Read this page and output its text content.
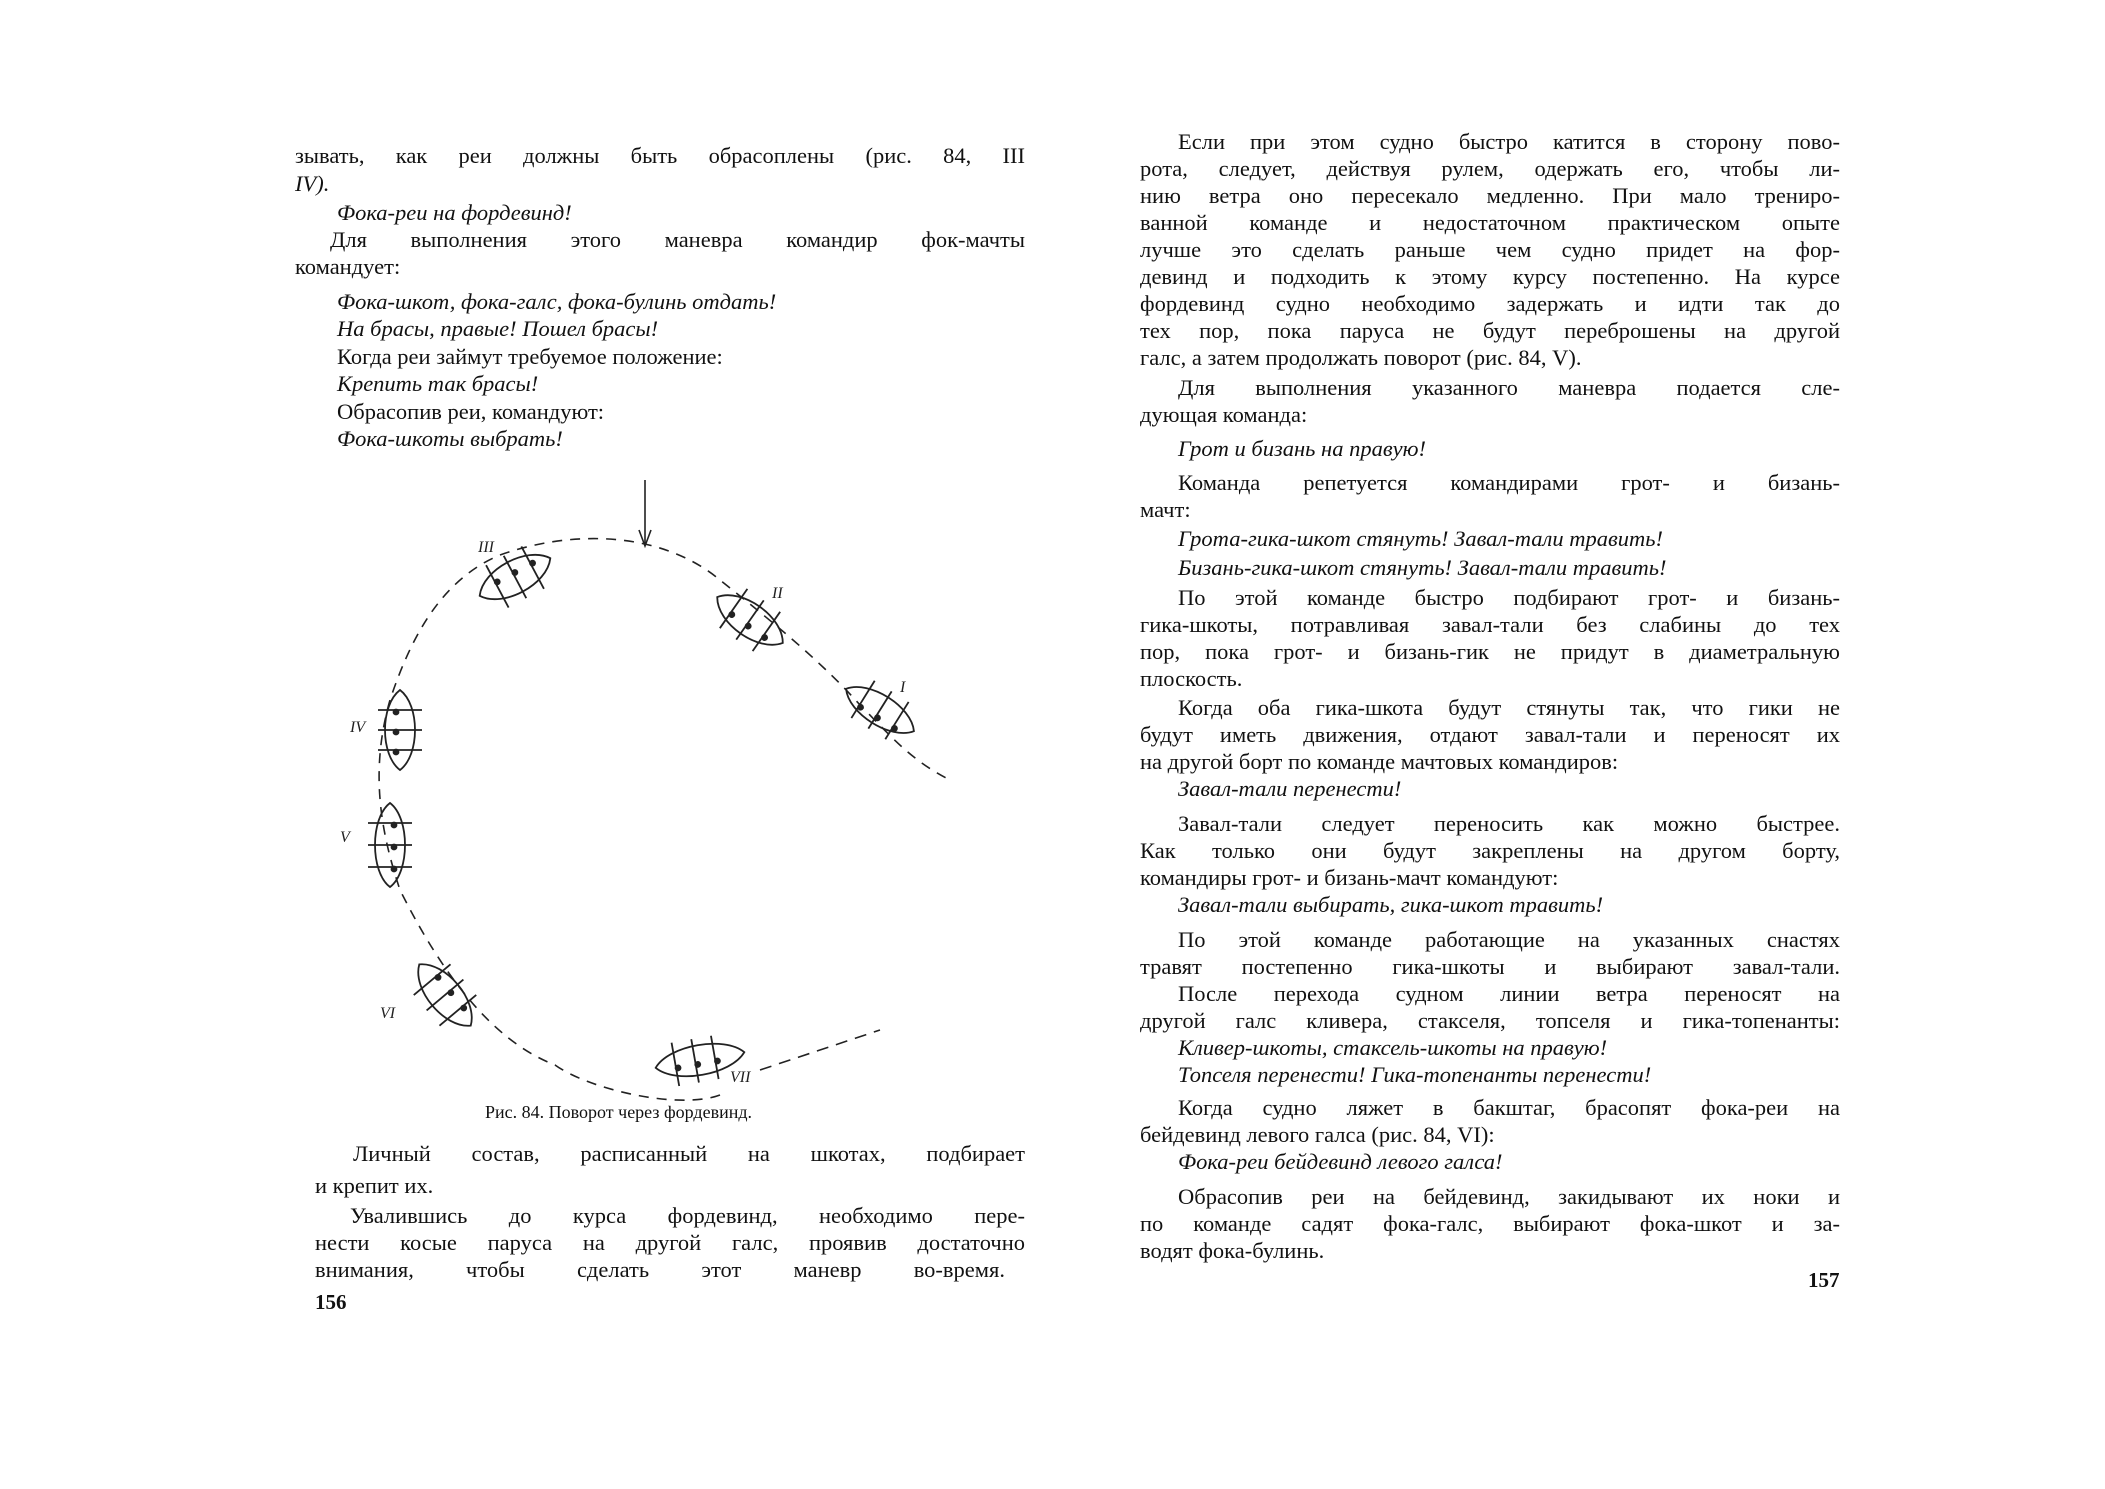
зывать, как реи должны быть обрасоплены (рис. 84, III
IV).
Фока-реи на фордевинд!
Для выполнения этого маневра командир фок-мачты
командует:
Фока-шкот, фока-галс, фока-булинь отдать!
На брасы, правые! Пошел брасы!
Когда реи займут требуемое положение:
Крепить так брасы!
Обрасопив реи, командуют:
Фока-шкоты выбрать!
Рис. 84. Поворот через фордевинд.
Личный состав, расписанный на шкотах, подбирает
и крепит их.
Увалившись до курса фордевинд, необходимо пере-
нести косые паруса на другой галс, проявив достаточно
внимания, чтобы сделать этот маневр во-время.
156
I
II
III
IV
V
VI
VII
Если при этом судно быстро катится в сторону пово-
рота, следует, действуя рулем, одержать его, чтобы ли-
нию ветра оно пересекало медленно. При мало трениро-
ванной команде и недостаточном практическом опыте
лучше это сделать раньше чем судно придет на фор-
девинд и подходить к этому курсу постепенно. На курсе
фордевинд судно необходимо задержать и идти так до
тех пор, пока паруса не будут переброшены на другой
галс, а затем продолжать поворот (рис. 84, V).
Для выполнения указанного маневра подается сле-
дующая команда:
Грот и бизань на правую!
Команда репетуется командирами грот- и бизань-
мачт:
Грота-гика-шкот стянуть! Завал-тали травить!
Бизань-гика-шкот стянуть! Завал-тали травить!
По этой команде быстро подбирают грот- и бизань-
гика-шкоты, потравливая завал-тали без слабины до тех
пор, пока грот- и бизань-гик не придут в диаметральную
плоскость.
Когда оба гика-шкота будут стянуты так, что гики не
будут иметь движения, отдают завал-тали и переносят их
на другой борт по команде мачтовых командиров:
Завал-тали перенести!
Завал-тали следует переносить как можно быстрее.
Как только они будут закреплены на другом борту,
командиры грот- и бизань-мачт командуют:
Завал-тали выбирать, гика-шкот травить!
По этой команде работающие на указанных снастях
травят постепенно гика-шкоты и выбирают завал-тали.
После перехода судном линии ветра переносят на
другой галс кливера, стакселя, топселя и гика-топенанты:
Кливер-шкоты, стаксель-шкоты на правую!
Топселя перенести! Гика-топенанты перенести!
Когда судно ляжет в бакштаг, брасопят фока-реи на
бейдевинд левого галса (рис. 84, VI):
Фока-реи бейдевинд левого галса!
Обрасопив реи на бейдевинд, закидывают их ноки и
по команде садят фока-галс, выбирают фока-шкот и за-
водят фока-булинь.
157
